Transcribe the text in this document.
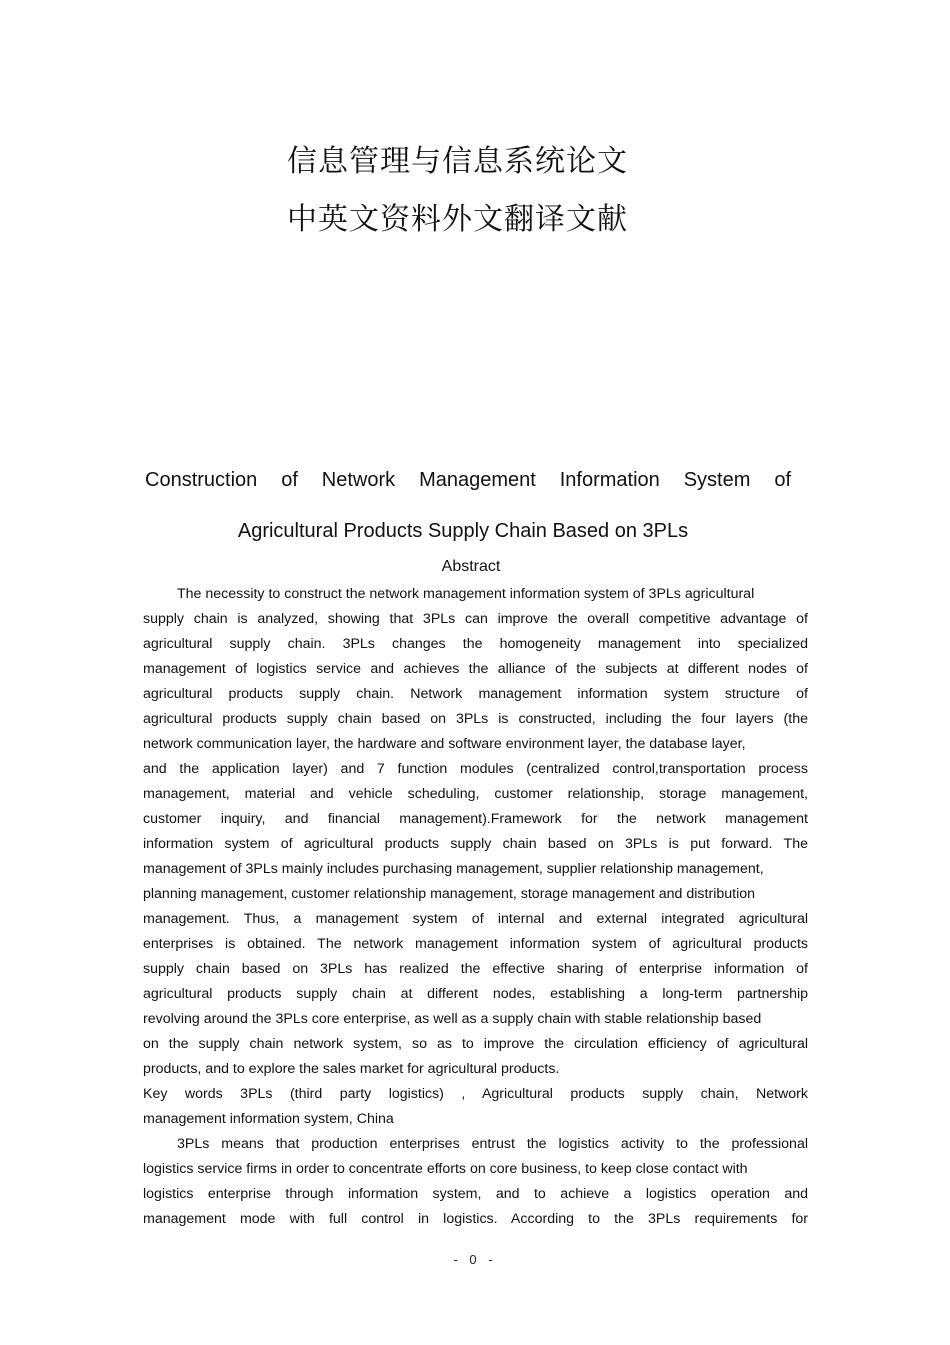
信息管理与信息系统论文
中英文资料外文翻译文献
Construction of Network Management Information System of
Agricultural Products Supply Chain Based on 3PLs
Abstract
The necessity to construct the network management information system of 3PLs agricultural
supply chain is analyzed, showing that 3PLs can improve the overall competitive advantage of
agricultural supply chain. 3PLs changes the homogeneity management into specialized
management of logistics service and achieves the alliance of the subjects at different nodes of
agricultural products supply chain. Network management information system structure of
agricultural products supply chain based on 3PLs is constructed, including the four layers (the
network communication layer, the hardware and software environment layer, the database layer,
and the application layer) and 7 function modules (centralized control,transportation process
management, material and vehicle scheduling, customer relationship, storage management,
customer inquiry, and financial management).Framework for the network management
information system of agricultural products supply chain based on 3PLs is put forward. The
management of 3PLs mainly includes purchasing management, supplier relationship management,
planning management, customer relationship management, storage management and distribution
management. Thus, a management system of internal and external integrated agricultural
enterprises is obtained. The network management information system of agricultural products
supply chain based on 3PLs has realized the effective sharing of enterprise information of
agricultural products supply chain at different nodes, establishing a long-term partnership
revolving around the 3PLs core enterprise, as well as a supply chain with stable relationship based
on the supply chain network system, so as to improve the circulation efficiency of agricultural
products, and to explore the sales market for agricultural products.
Key words 3PLs (third party logistics) , Agricultural products supply chain, Network
management information system, China
3PLs means that production enterprises entrust the logistics activity to the professional
logistics service firms in order to concentrate efforts on core business, to keep close contact with
logistics enterprise through information system, and to achieve a logistics operation and
management mode with full control in logistics. According to the 3PLs requirements for
- 0 -
